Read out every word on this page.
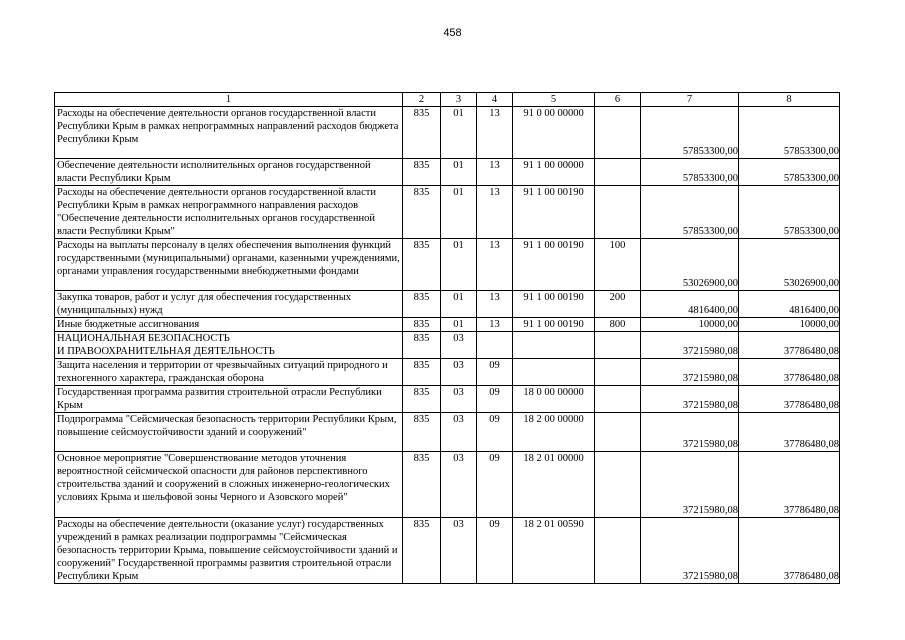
458
1	2	3	4	5	6	7	8
Расходы на обеспечение деятельности органов государственной власти Республики Крым в рамках непрограммных направлений расходов бюджета Республики Крым	835	01	13	91 0 00 00000		57853300,00	57853300,00
Обеспечение деятельности исполнительных органов государственной власти Республики Крым	835	01	13	91 1 00 00000		57853300,00	57853300,00
Расходы на обеспечение деятельности органов государственной власти Республики Крым в рамках непрограммного направления расходов "Обеспечение деятельности исполнительных органов государственной власти Республики Крым"	835	01	13	91 1 00 00190		57853300,00	57853300,00
Расходы на выплаты персоналу в целях обеспечения выполнения функций государственными (муниципальными) органами, казенными учреждениями, органами управления государственными внебюджетными фондами	835	01	13	91 1 00 00190	100	53026900,00	53026900,00
Закупка товаров, работ и услуг для обеспечения государственных (муниципальных) нужд	835	01	13	91 1 00 00190	200	4816400,00	4816400,00
Иные бюджетные ассигнования	835	01	13	91 1 00 00190	800	10000,00	10000,00
НАЦИОНАЛЬНАЯ БЕЗОПАСНОСТЬ
И ПРАВООХРАНИТЕЛЬНАЯ ДЕЯТЕЛЬНОСТЬ	835	03				37215980,08	37786480,08
Защита населения и территории от чрезвычайных ситуаций природного и техногенного характера, гражданская оборона	835	03	09			37215980,08	37786480,08
Государственная программа развития строительной отрасли Республики Крым	835	03	09	18 0 00 00000		37215980,08	37786480,08
Подпрограмма "Сейсмическая безопасность территории Республики Крым, повышение сейсмоустойчивости зданий и сооружений"	835	03	09	18 2 00 00000		37215980,08	37786480,08
Основное мероприятие "Совершенствование методов уточнения вероятностной сейсмической опасности для районов перспективного строительства зданий и сооружений в сложных инженерно-геологических условиях Крыма и шельфовой зоны Черного и Азовского морей"	835	03	09	18 2 01 00000		37215980,08	37786480,08
Расходы на обеспечение деятельности (оказание услуг) государственных учреждений в рамках реализации подпрограммы "Сейсмическая безопасность территории Крыма, повышение сейсмоустойчивости зданий и сооружений" Государственной программы развития строительной отрасли Республики Крым	835	03	09	18 2 01 00590		37215980,08	37786480,08
